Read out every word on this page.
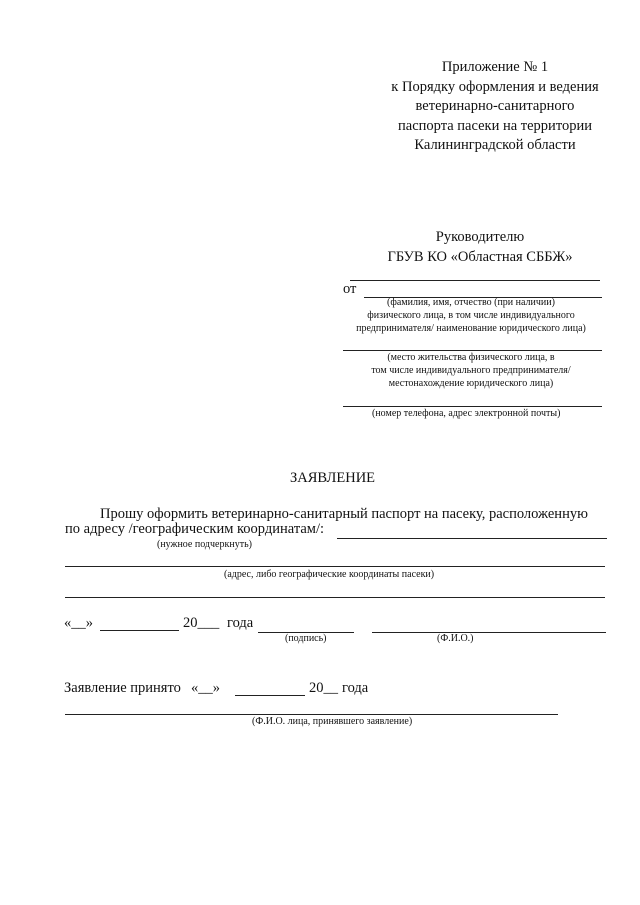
Приложение № 1
к Порядку оформления и ведения
ветеринарно-санитарного
паспорта пасеки на территории
Калининградской области
Руководителю
ГБУВ КО «Областная СББЖ»
от
(фамилия, имя, отчество (при наличии)
физического лица, в том числе индивидуального
предпринимателя/ наименование юридического лица)
(место жительства физического лица, в
том числе индивидуального предпринимателя/
местонахождение юридического лица)
(номер телефона, адрес электронной почты)
ЗАЯВЛЕНИЕ
Прошу оформить ветеринарно-санитарный паспорт на пасеку, расположенную
по адресу /географическим координатам/:
(нужное подчеркнуть)
(адрес, либо географические координаты пасеки)
«__»	20___ года
(подпись)	(Ф.И.О.)
Заявление принято «__»	20__ года
(Ф.И.О. лица, принявшего заявление)
